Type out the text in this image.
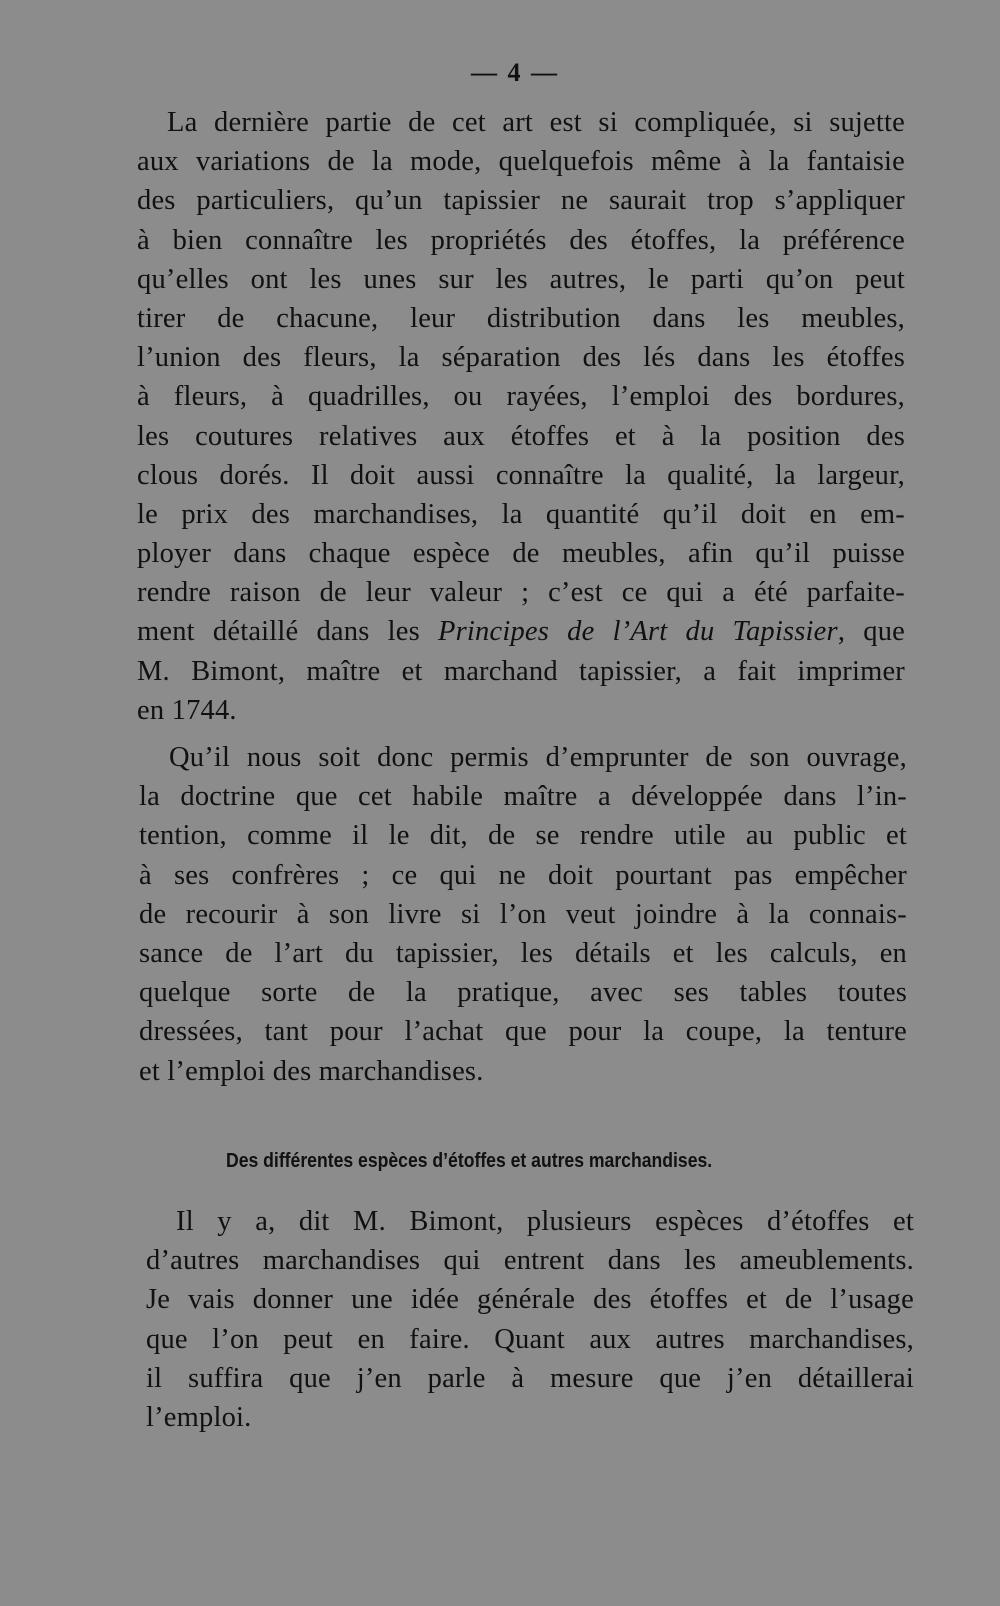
— 4 —
La dernière partie de cet art est si compliquée, si sujette
aux variations de la mode, quelquefois même à la fantaisie
des particuliers, qu’un tapissier ne saurait trop s’appliquer
à bien connaître les propriétés des étoffes, la préférence
qu’elles ont les unes sur les autres, le parti qu’on peut
tirer de chacune, leur distribution dans les meubles,
l’union des fleurs, la séparation des lés dans les étoffes
à fleurs, à quadrilles, ou rayées, l’emploi des bordures,
les coutures relatives aux étoffes et à la position des
clous dorés. Il doit aussi connaître la qualité, la largeur,
le prix des marchandises, la quantité qu’il doit en em-
ployer dans chaque espèce de meubles, afin qu’il puisse
rendre raison de leur valeur ; c’est ce qui a été parfaite-
ment détaillé dans les Principes de l’Art du Tapissier, que
M. Bimont, maître et marchand tapissier, a fait imprimer
en 1744.
Qu’il nous soit donc permis d’emprunter de son ouvrage,
la doctrine que cet habile maître a développée dans l’in-
tention, comme il le dit, de se rendre utile au public et
à ses confrères ; ce qui ne doit pourtant pas empêcher
de recourir à son livre si l’on veut joindre à la connais-
sance de l’art du tapissier, les détails et les calculs, en
quelque sorte de la pratique, avec ses tables toutes
dressées, tant pour l’achat que pour la coupe, la tenture
et l’emploi des marchandises.
Des différentes espèces d’étoffes et autres marchandises.
Il y a, dit M. Bimont, plusieurs espèces d’étoffes et
d’autres marchandises qui entrent dans les ameublements.
Je vais donner une idée générale des étoffes et de l’usage
que l’on peut en faire. Quant aux autres marchandises,
il suffira que j’en parle à mesure que j’en détaillerai
l’emploi.
